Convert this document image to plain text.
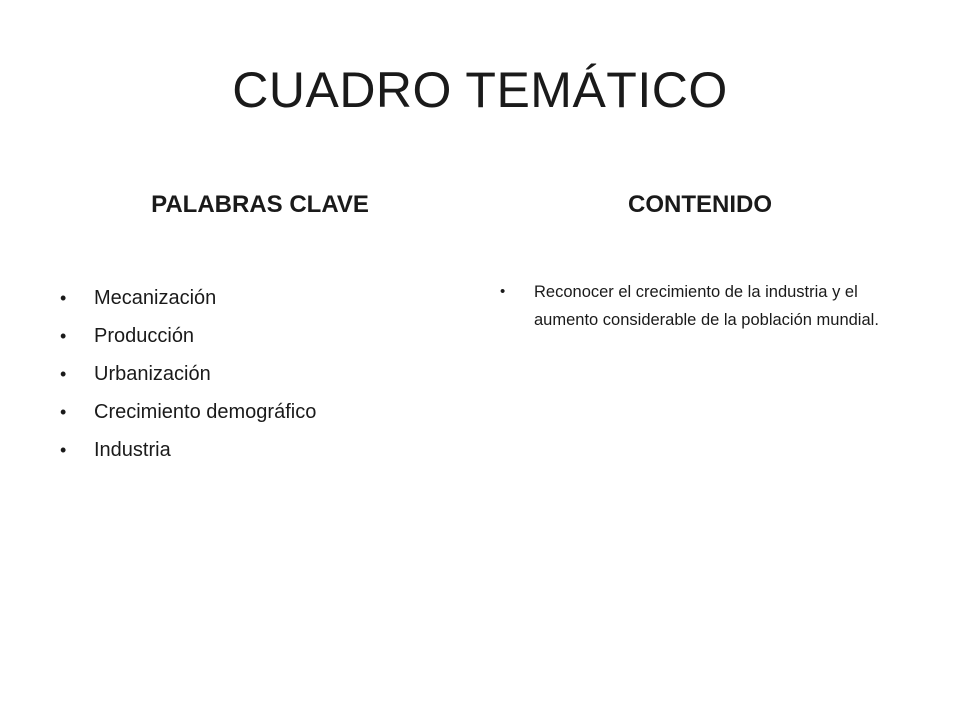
CUADRO TEMÁTICO
PALABRAS CLAVE	CONTENIDO
• Mecanización
• Producción
• Urbanización
• Crecimiento demográfico
• Industria
• Reconocer el crecimiento de la industria y el aumento considerable de la población mundial.
